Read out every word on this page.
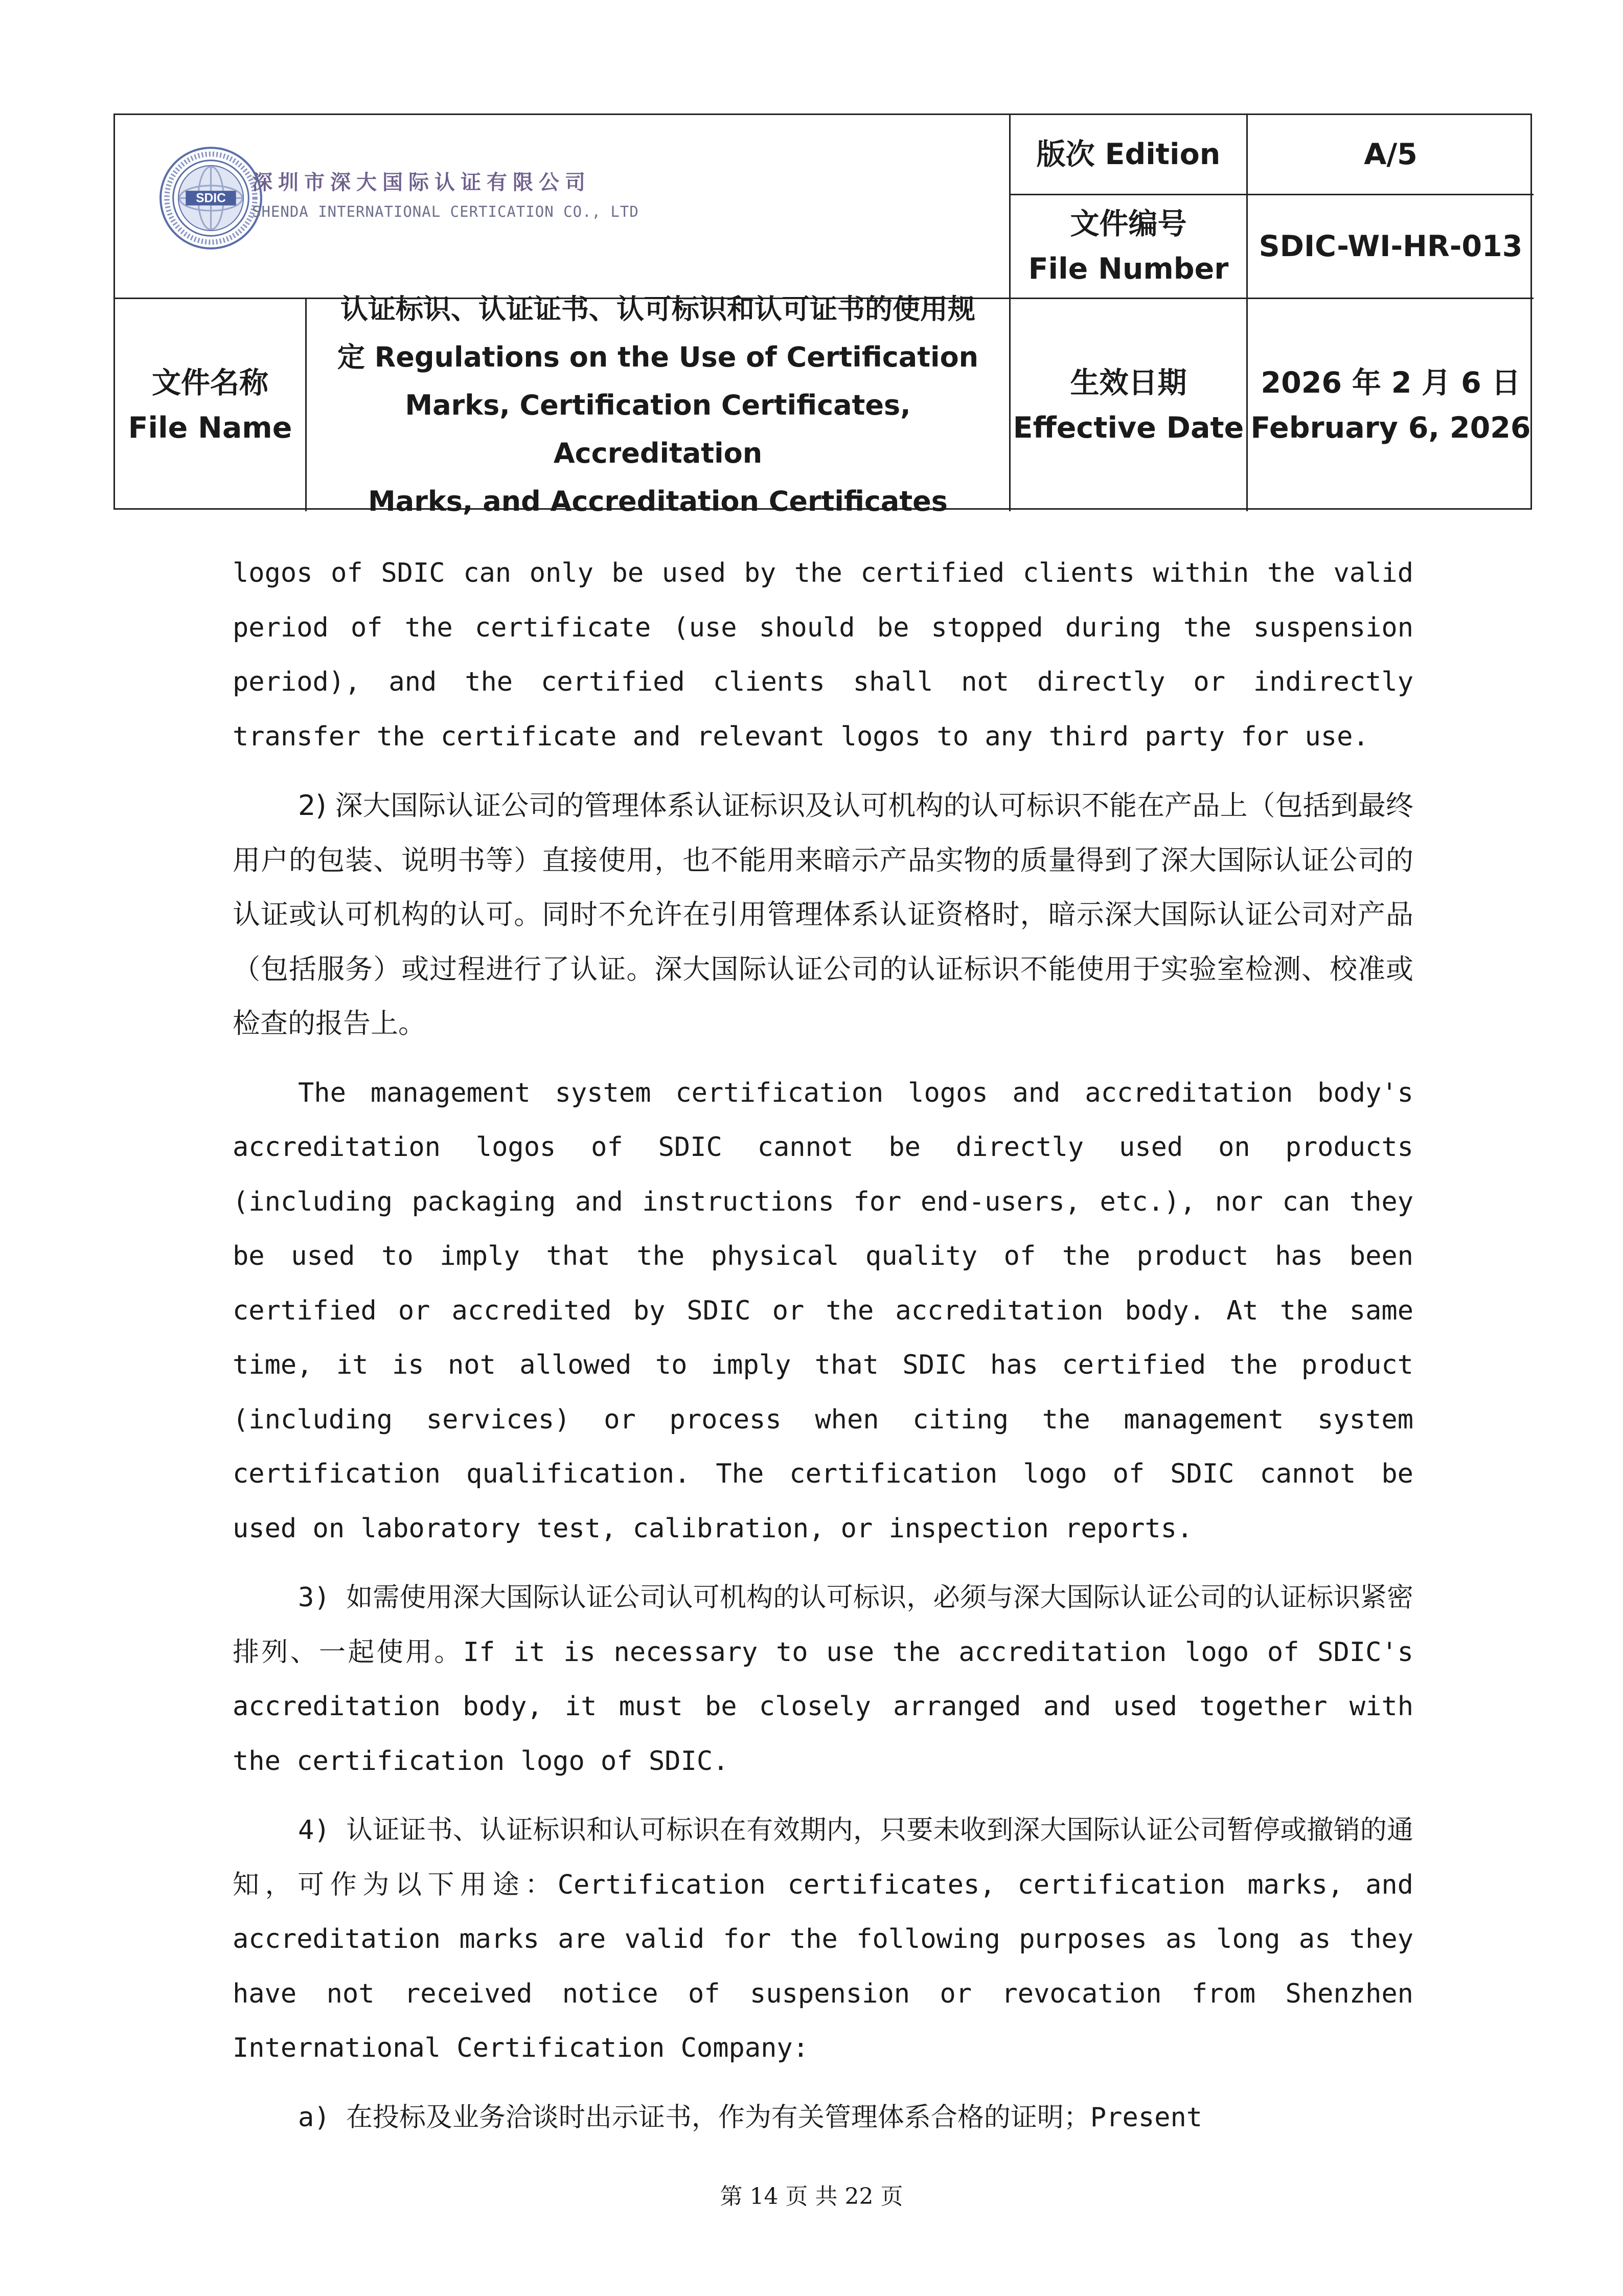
SDIC
深圳市深大国际认证有限公司
SHENDA INTERNATIONAL CERTICATION CO., LTD
版次 Edition	A/5
文件编号
File Number
SDIC-WI-HR-013
文件名称
File Name
认证标识、认证证书、认可标识和认可证书的使用规
定 Regulations on the Use of Certification
Marks, Certification Certificates, Accreditation
Marks, and Accreditation Certificates
生效日期
Effective Date
2026 年 2 月 6 日
February 6, 2026

logos of SDIC can only be used by the certified clients within the valid period of the certificate (use should be stopped during the suspension period), and the certified clients shall not directly or indirectly transfer the certificate and relevant logos to any third party for use.

2) 深大国际认证公司的管理体系认证标识及认可机构的认可标识不能在产品上（包括到最终用户的包装、说明书等）直接使用，也不能用来暗示产品实物的质量得到了深大国际认证公司的认证或认可机构的认可。同时不允许在引用管理体系认证资格时，暗示深大国际认证公司对产品（包括服务）或过程进行了认证。深大国际认证公司的认证标识不能使用于实验室检测、校准或检查的报告上。

The management system certification logos and accreditation body's accreditation logos of SDIC cannot be directly used on products (including packaging and instructions for end-users, etc.), nor can they be used to imply that the physical quality of the product has been certified or accredited by SDIC or the accreditation body. At the same time, it is not allowed to imply that SDIC has certified the product (including services) or process when citing the management system certification qualification. The certification logo of SDIC cannot be used on laboratory test, calibration, or inspection reports.

3) 如需使用深大国际认证公司认可机构的认可标识，必须与深大国际认证公司的认证标识紧密排列、一起使用。If it is necessary to use the accreditation logo of SDIC's accreditation body, it must be closely arranged and used together with the certification logo of SDIC.

4) 认证证书、认证标识和认可标识在有效期内，只要未收到深大国际认证公司暂停或撤销的通知，可作为以下用途：Certification certificates, certification marks, and accreditation marks are valid for the following purposes as long as they have not received notice of suspension or revocation from Shenzhen International Certification Company:

a) 在投标及业务洽谈时出示证书，作为有关管理体系合格的证明；Present

第 14 页 共 22 页
